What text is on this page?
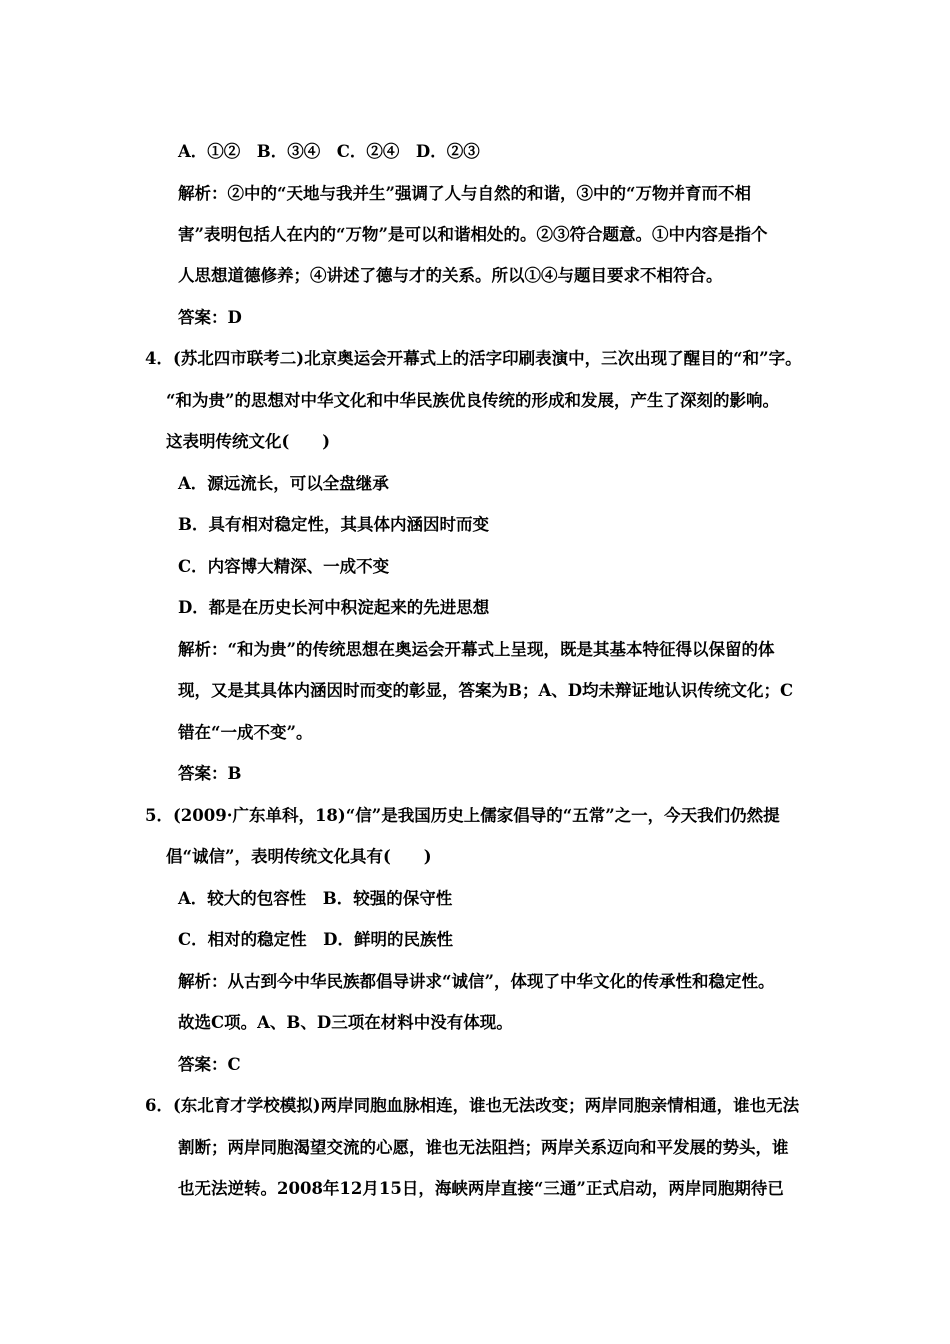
A．①②　B．③④　C．②④　D．②③
解析：②中的“天地与我并生”强调了人与自然的和谐，③中的“万物并育而不相
害”表明包括人在内的“万物”是可以和谐相处的。②③符合题意。①中内容是指个
人思想道德修养；④讲述了德与才的关系。所以①④与题目要求不相符合。
答案：D
4．(苏北四市联考二)北京奥运会开幕式上的活字印刷表演中，三次出现了醒目的“和”字。
“和为贵”的思想对中华文化和中华民族优良传统的形成和发展，产生了深刻的影响。
这表明传统文化(　　)
A．源远流长，可以全盘继承
B．具有相对稳定性，其具体内涵因时而变
C．内容博大精深、一成不变
D．都是在历史长河中积淀起来的先进思想
解析：“和为贵”的传统思想在奥运会开幕式上呈现，既是其基本特征得以保留的体
现，又是其具体内涵因时而变的彰显，答案为B；A、D均未辩证地认识传统文化；C
错在“一成不变”。
答案：B
5．(2009·广东单科，18)“信”是我国历史上儒家倡导的“五常”之一，今天我们仍然提
倡“诚信”，表明传统文化具有(　　)
A．较大的包容性　B．较强的保守性
C．相对的稳定性　D．鲜明的民族性
解析：从古到今中华民族都倡导讲求“诚信”，体现了中华文化的传承性和稳定性。
故选C项。A、B、D三项在材料中没有体现。
答案：C
6．(东北育才学校模拟)两岸同胞血脉相连，谁也无法改变；两岸同胞亲情相通，谁也无法
割断；两岸同胞渴望交流的心愿，谁也无法阻挡；两岸关系迈向和平发展的势头，谁
也无法逆转。2008年12月15日，海峡两岸直接“三通”正式启动，两岸同胞期待已
